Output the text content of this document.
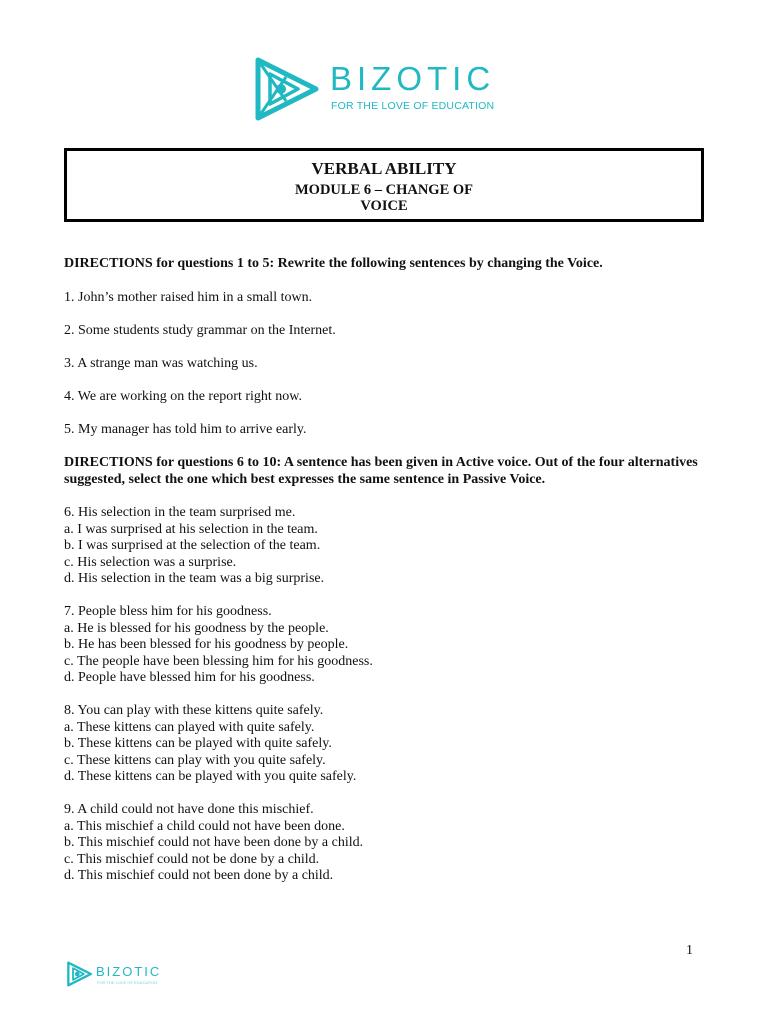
BIZOTIC
FOR THE LOVE OF EDUCATION
VERBAL ABILITY
MODULE 6 – CHANGE OF
VOICE

DIRECTIONS for questions 1 to 5: Rewrite the following sentences by changing the Voice.

1. John’s mother raised him in a small town.

2. Some students study grammar on the Internet.

3. A strange man was watching us.

4. We are working on the report right now.

5. My manager has told him to arrive early.

DIRECTIONS for questions 6 to 10: A sentence has been given in Active voice. Out of the four alternatives suggested, select the one which best expresses the same sentence in Passive Voice.

6. His selection in the team surprised me.
a. I was surprised at his selection in the team.
b. I was surprised at the selection of the team.
c. His selection was a surprise.
d. His selection in the team was a big surprise.
7. People bless him for his goodness.
a. He is blessed for his goodness by the people.
b. He has been blessed for his goodness by people.
c. The people have been blessing him for his goodness.
d. People have blessed him for his goodness.
8. You can play with these kittens quite safely.
a. These kittens can played with quite safely.
b. These kittens can be played with quite safely.
c. These kittens can play with you quite safely.
d. These kittens can be played with you quite safely.
9. A child could not have done this mischief.
a. This mischief a child could not have been done.
b. This mischief could not have been done by a child.
c. This mischief could not be done by a child.
d. This mischief could not been done by a child.
1
BIZOTIC
FOR THE LOVE OF EDUCATION
